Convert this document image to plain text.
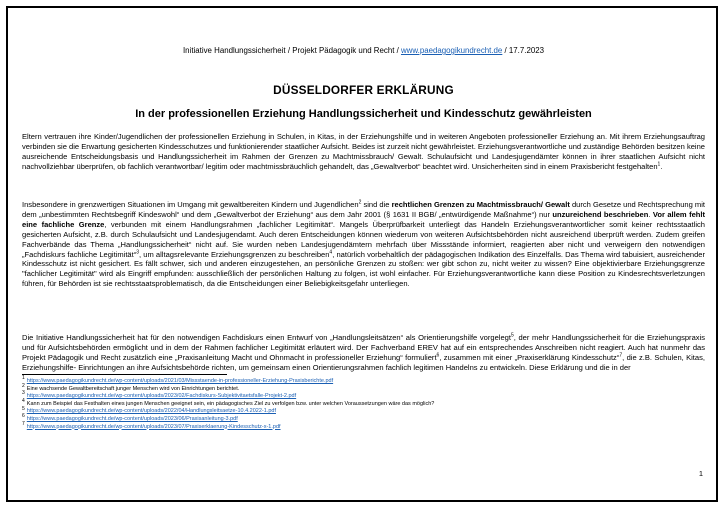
Initiative Handlungssicherheit / Projekt Pädagogik und Recht / www.paedagogikundrecht.de / 17.7.2023
DÜSSELDORFER ERKLÄRUNG
In der professionellen Erziehung Handlungssicherheit und Kindesschutz gewährleisten
Eltern vertrauen ihre Kinder/Jugendlichen der professionellen Erziehung in Schulen, in Kitas, in der Erziehungshilfe und in weiteren Angeboten professioneller Erziehung an. Mit ihrem Erziehungsauftrag verbinden sie die Erwartung gesicherten Kindesschutzes und funktionierender staatlicher Aufsicht. Beides ist zurzeit nicht gewährleistet. Erziehungsverantwortliche und zuständige Behörden besitzen keine ausreichende Entscheidungsbasis und Handlungssicherheit im Rahmen der Grenzen zu Machtmissbrauch/ Gewalt. Schulaufsicht und Landesjugendämter können in ihrer staatlichen Aufsicht nicht nachvollziehbar überprüfen, ob fachlich verantwortbar/ legitim oder machtmissbräuchlich gehandelt, das „Gewaltverbot“ beachtet wird. Unsicherheiten sind in einem Praxisbericht festgehalten$^1$.
Insbesondere in grenzwertigen Situationen im Umgang mit gewaltbereiten Kindern und Jugendlichen$^2$ sind die rechtlichen Grenzen zu Machtmissbrauch/ Gewalt durch Gesetze und Rechtsprechung mit dem „unbestimmten Rechtsbegriff Kindeswohl“ und dem „Gewaltverbot der Erziehung“ aus dem Jahr 2001 (§ 1631 II BGB/ „entwürdigende Maßnahme“) nur unzureichend beschrieben. Vor allem fehlt eine fachliche Grenze, verbunden mit einem Handlungsrahmen „fachlicher Legitimität“. Mangels Überprüfbarkeit unterliegt das Handeln Erziehungsverantwortlicher somit keiner rechtsstaatlich gesicherten Aufsicht, z.B. durch Schulaufsicht und Landesjugendamt. Auch deren Entscheidungen können wiederum von weiteren Aufsichtsbehörden nicht ausreichend überprüft werden. Zudem greifen Fachverbände das Thema „Handlungssicherheit“ nicht auf. Sie wurden neben Landesjugendämtern mehrfach über Missstände informiert, reagierten aber nicht und verweigern den notwendigen „Fachdiskurs fachliche Legitimität“$^3$, um alltagsrelevante Erziehungsgrenzen zu beschreiben$^4$, natürlich vorbehaltlich der pädagogischen Indikation des Einzelfalls. Das Thema wird tabuisiert, ausreichender Kindesschutz ist nicht gesichert. Es fällt schwer, sich und anderen einzugestehen, an persönliche Grenzen zu stoßen: wer gibt schon zu, nicht weiter zu wissen? Eine objektivierbare Erziehungsgrenze "fachlicher Legitimität" wird als Eingriff empfunden: ausschließlich der persönlichen Haltung zu folgen, ist wohl einfacher. Für Erziehungsverantwortliche kann diese Position zu Kindesrechtsverletzungen führen, für Behörden ist sie rechtsstaatsproblematisch, da die Entscheidungen einer Beliebigkeitsgefahr unterliegen.
Die Initiative Handlungssicherheit hat für den notwendigen Fachdiskurs einen Entwurf von „Handlungsleitsätzen“ als Orientierungshilfe vorgelegt$^5$, der mehr Handlungssicherheit für die Erziehungspraxis und für Aufsichtsbehörden ermöglicht und in dem der Rahmen fachlicher Legitimität erläutert wird. Der Fachverband EREV hat auf ein entsprechendes Anschreiben nicht reagiert. Auch hat nunmehr das Projekt Pädagogik und Recht zusätzlich eine „Praxisanleitung Macht und Ohnmacht in professioneller Erziehung“ formuliert$^6$, zusammen mit einer „Praxiserklärung Kindesschutz“$^7$, die z.B. Schulen, Kitas, Erziehungshilfe- Einrichtungen an ihre Aufsichtsbehörde richten, um gemeinsam einen Orientierungsrahmen fachlich legitimen Handelns zu entwickeln. Diese Erklärung und die in der
$^1$ https://www.paedagogikundrecht.de/wp-content/uploads/2021/03/Missstaende-in-professioneller-Erziehung-Praxisberichte.pdf
$^2$ Eine wachsende Gewaltbereitschaft junger Menschen wird von Einrichtungen berichtet.
$^3$ https://www.paedagogikundrecht.de/wp-content/uploads/2023/02/Fachdiskurs-Subjektivitaetsfalle-Projekt-2.pdf
$^4$ Kann zum Beispiel das Festhalten eines jungen Menschen geeignet sein, ein pädagogisches Ziel zu verfolgen bzw. unter welchen Voraussetzungen wäre das möglich?
$^5$ https://www.paedagogikundrecht.de/wp-content/uploads/2022/04/Handlungsleitsaetze-10.4.2022-1.pdf
$^6$ https://www.paedagogikundrecht.de/wp-content/uploads/2023/06/Praxisanleitung-3.pdf
$^7$ https://www.paedagogikundrecht.de/wp-content/uploads/2023/07/Praxiserklaerung-Kindesschutz-x-1.pdf
1
